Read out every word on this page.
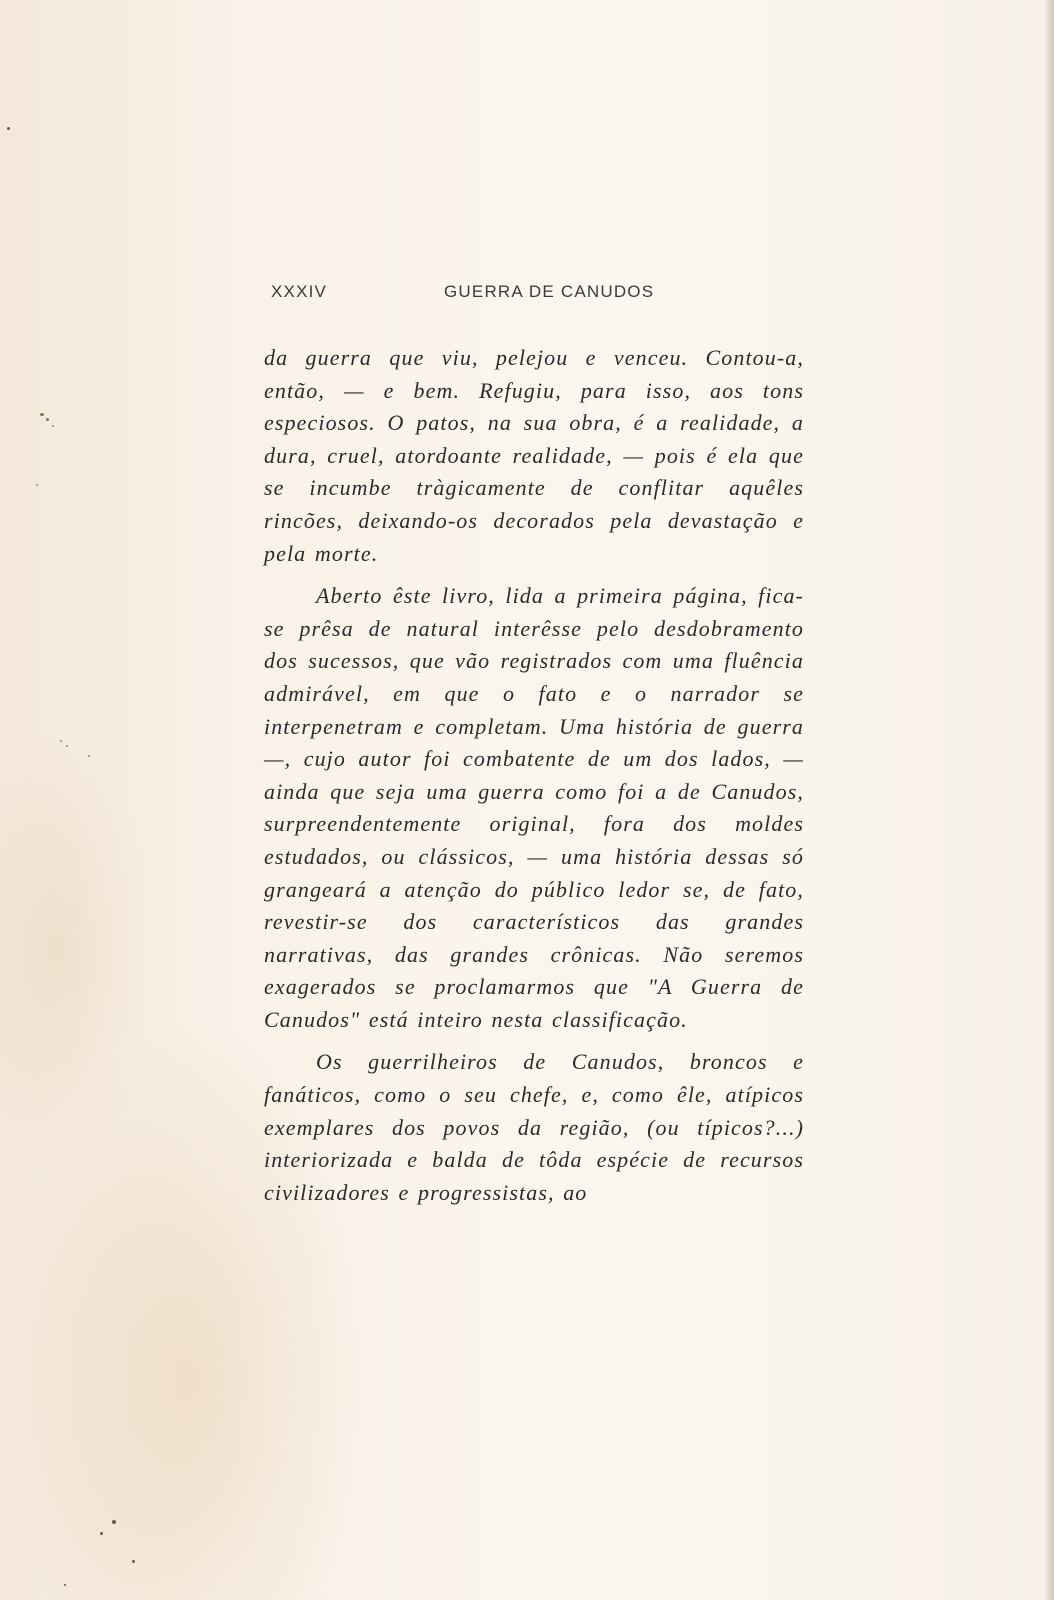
XXXIV	GUERRA DE CANUDOS

da guerra que viu, pelejou e venceu. Contou-a, então, — e bem. Refugiu, para isso, aos tons especiosos. O patos, na sua obra, é a realidade, a dura, cruel, atordoante realidade, — pois é ela que se incumbe tràgicamente de conflitar aquêles rincões, deixando-os decorados pela devastação e pela morte.

Aberto êste livro, lida a primeira página, fica-se prêsa de natural interêsse pelo desdobramento dos sucessos, que vão registrados com uma fluência admirável, em que o fato e o narrador se interpenetram e completam. Uma história de guerra —, cujo autor foi combatente de um dos lados, — ainda que seja uma guerra como foi a de Canudos, surpreendentemente original, fora dos moldes estudados, ou clássicos, — uma história dessas só grangeará a atenção do público ledor se, de fato, revestir-se dos característicos das grandes narrativas, das grandes crônicas. Não seremos exagerados se proclamarmos que "A Guerra de Canudos" está inteiro nesta classificação.

Os guerrilheiros de Canudos, broncos e fanáticos, como o seu chefe, e, como êle, atípicos exemplares dos povos da região, (ou típicos?...) interiorizada e balda de tôda espécie de recursos civilizadores e progressistas, ao
